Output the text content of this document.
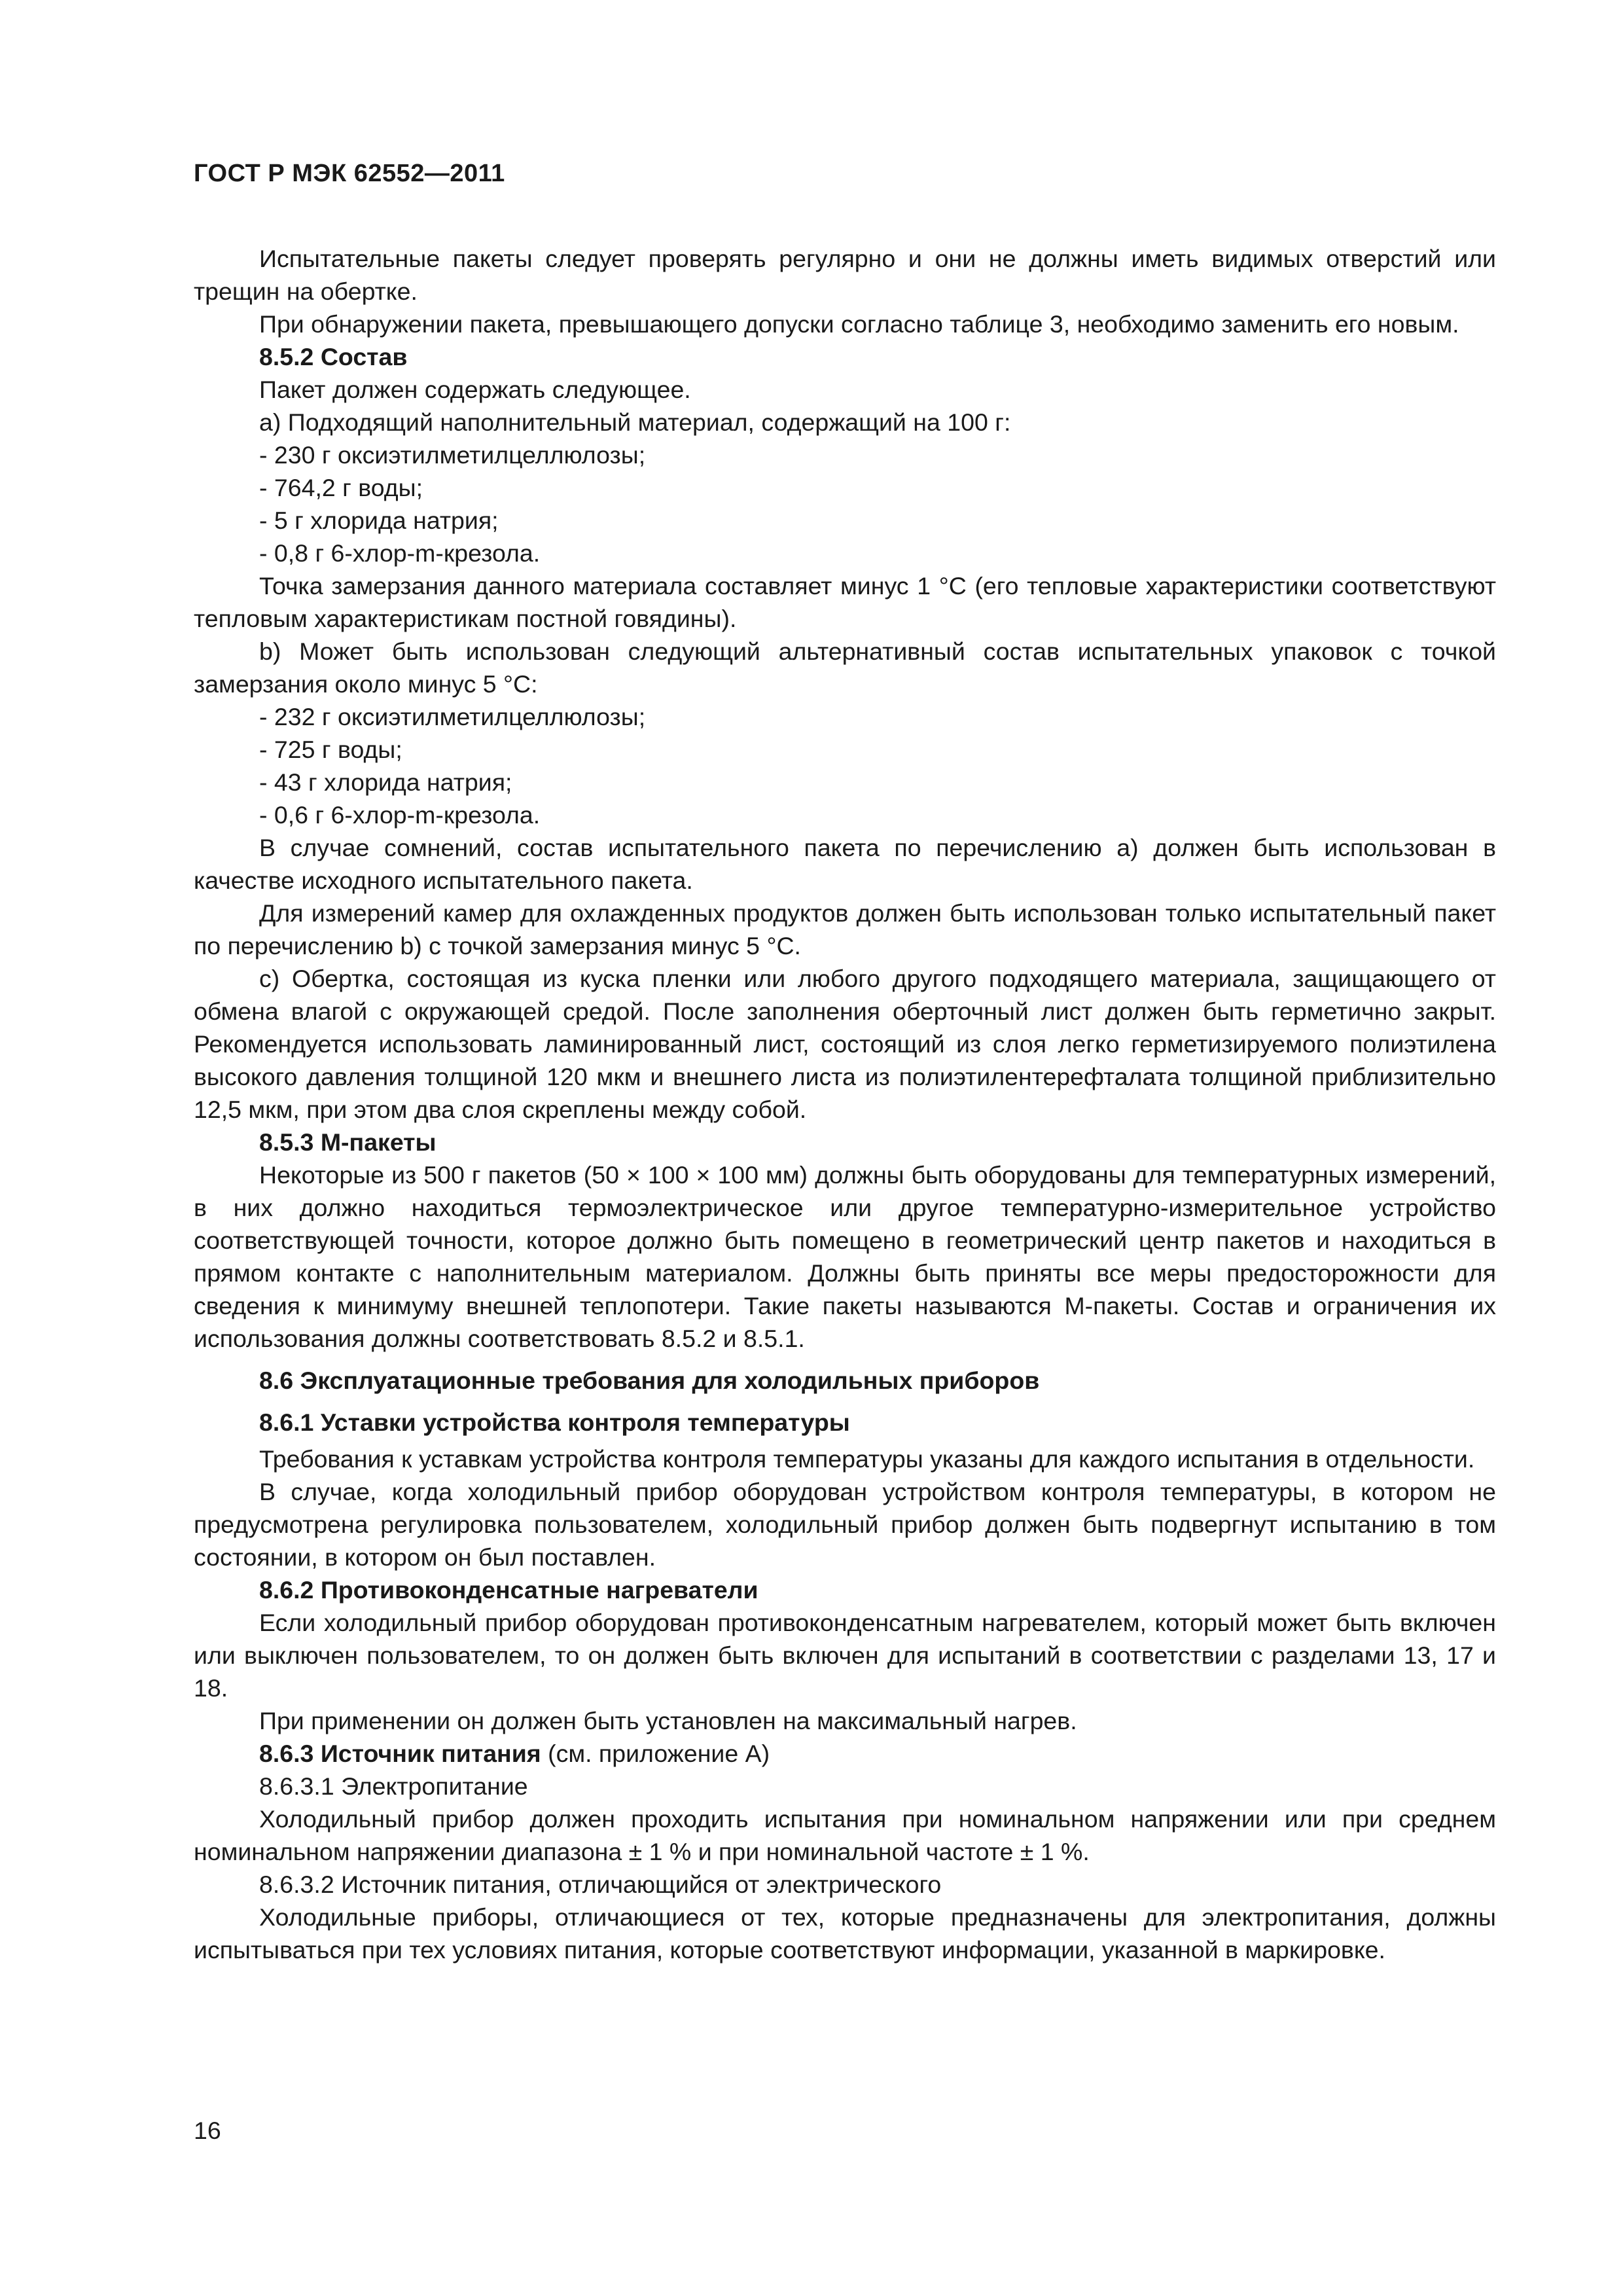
ГОСТ Р МЭК 62552—2011

Испытательные пакеты следует проверять регулярно и они не должны иметь видимых отверстий или трещин на обертке.

При обнаружении пакета, превышающего допуски согласно таблице 3, необходимо заменить его новым.

8.5.2 Состав

Пакет должен содержать следующее.

a) Подходящий наполнительный материал, содержащий на 100 г:

- 230 г оксиэтилметилцеллюлозы;

- 764,2 г воды;

- 5 г хлорида натрия;

- 0,8 г 6-хлор-m-крезола.

Точка замерзания данного материала составляет минус 1 °С (его тепловые характеристики соответствуют тепловым характеристикам постной говядины).

b) Может быть использован следующий альтернативный состав испытательных упаковок с точкой замерзания около минус 5 °С:

- 232 г оксиэтилметилцеллюлозы;

- 725 г воды;

- 43 г хлорида натрия;

- 0,6 г 6-хлор-m-крезола.

В случае сомнений, состав испытательного пакета по перечислению а) должен быть использован в качестве исходного испытательного пакета.

Для измерений камер для охлажденных продуктов должен быть использован только испытательный пакет по перечислению b) с точкой замерзания минус 5 °С.

c) Обертка, состоящая из куска пленки или любого другого подходящего материала, защищающего от обмена влагой с окружающей средой. После заполнения оберточный лист должен быть герметично закрыт. Рекомендуется использовать ламинированный лист, состоящий из слоя легко герметизируемого полиэтилена высокого давления толщиной 120 мкм и внешнего листа из полиэтилентерефталата толщиной приблизительно 12,5 мкм, при этом два слоя скреплены между собой.

8.5.3 М-пакеты

Некоторые из 500 г пакетов (50 × 100 × 100 мм) должны быть оборудованы для температурных измерений, в них должно находиться термоэлектрическое или другое температурно-измерительное устройство соответствующей точности, которое должно быть помещено в геометрический центр пакетов и находиться в прямом контакте с наполнительным материалом. Должны быть приняты все меры предосторожности для сведения к минимуму внешней теплопотери. Такие пакеты называются М-пакеты. Состав и ограничения их использования должны соответствовать 8.5.2 и 8.5.1.

8.6 Эксплуатационные требования для холодильных приборов

8.6.1 Уставки устройства контроля температуры

Требования к уставкам устройства контроля температуры указаны для каждого испытания в отдельности.

В случае, когда холодильный прибор оборудован устройством контроля температуры, в котором не предусмотрена регулировка пользователем, холодильный прибор должен быть подвергнут испытанию в том состоянии, в котором он был поставлен.

8.6.2 Противоконденсатные нагреватели

Если холодильный прибор оборудован противоконденсатным нагревателем, который может быть включен или выключен пользователем, то он должен быть включен для испытаний в соответствии с разделами 13, 17 и 18.

При применении он должен быть установлен на максимальный нагрев.

8.6.3 Источник питания (см. приложение А)

8.6.3.1 Электропитание

Холодильный прибор должен проходить испытания при номинальном напряжении или при среднем номинальном напряжении диапазона ± 1 % и при номинальной частоте ± 1 %.

8.6.3.2 Источник питания, отличающийся от электрического

Холодильные приборы, отличающиеся от тех, которые предназначены для электропитания, должны испытываться при тех условиях питания, которые соответствуют информации, указанной в маркировке.

16
